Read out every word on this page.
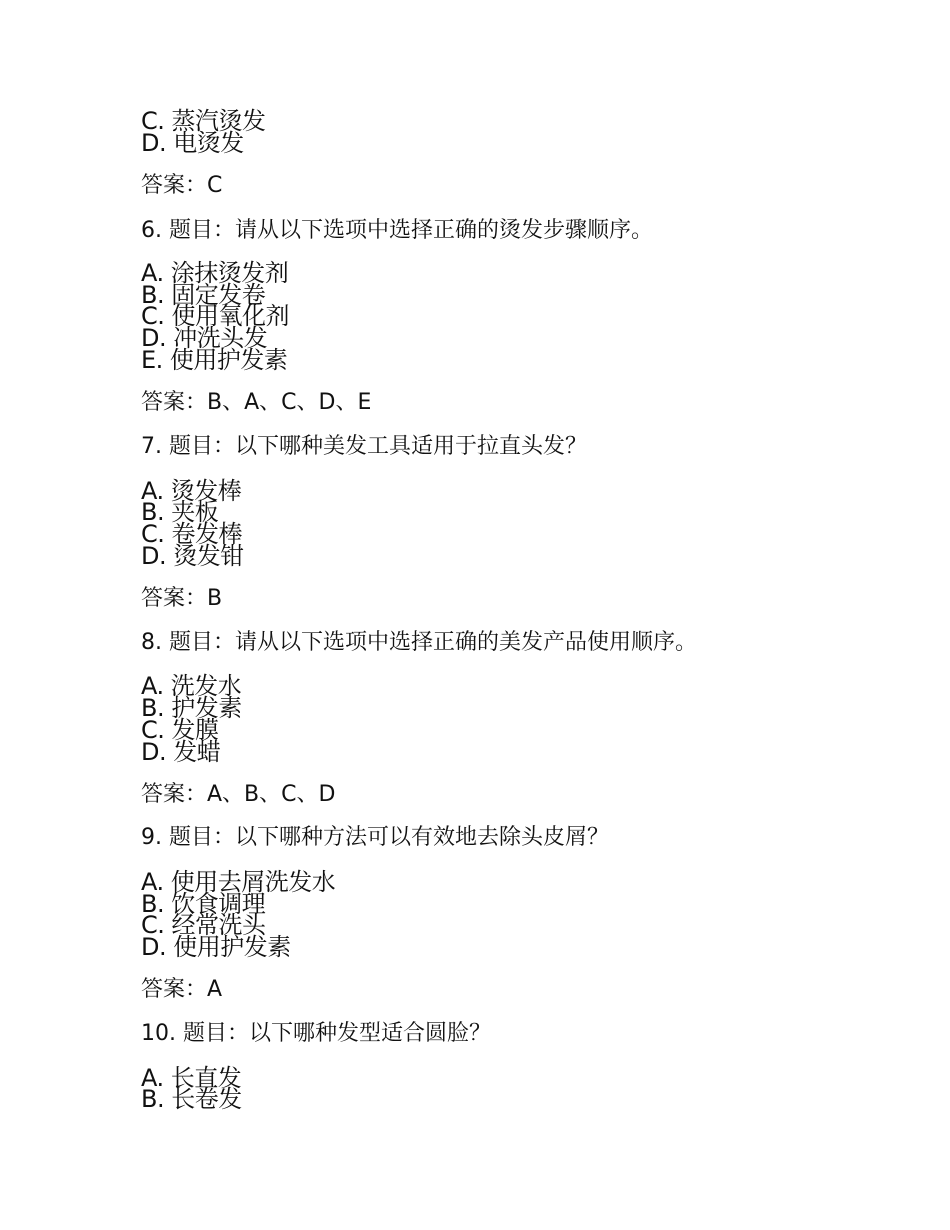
C. 蒸汽烫发
D. 电烫发
答案：C
6. 题目：请从以下选项中选择正确的烫发步骤顺序。
A. 涂抹烫发剂
B. 固定发卷
C. 使用氧化剂
D. 冲洗头发
E. 使用护发素
答案：B、A、C、D、E
7. 题目：以下哪种美发工具适用于拉直头发？
A. 烫发棒
B. 夹板
C. 卷发棒
D. 烫发钳
答案：B
8. 题目：请从以下选项中选择正确的美发产品使用顺序。
A. 洗发水
B. 护发素
C. 发膜
D. 发蜡
答案：A、B、C、D
9. 题目：以下哪种方法可以有效地去除头皮屑？
A. 使用去屑洗发水
B. 饮食调理
C. 经常洗头
D. 使用护发素
答案：A
10. 题目：以下哪种发型适合圆脸？
A. 长直发
B. 长卷发
